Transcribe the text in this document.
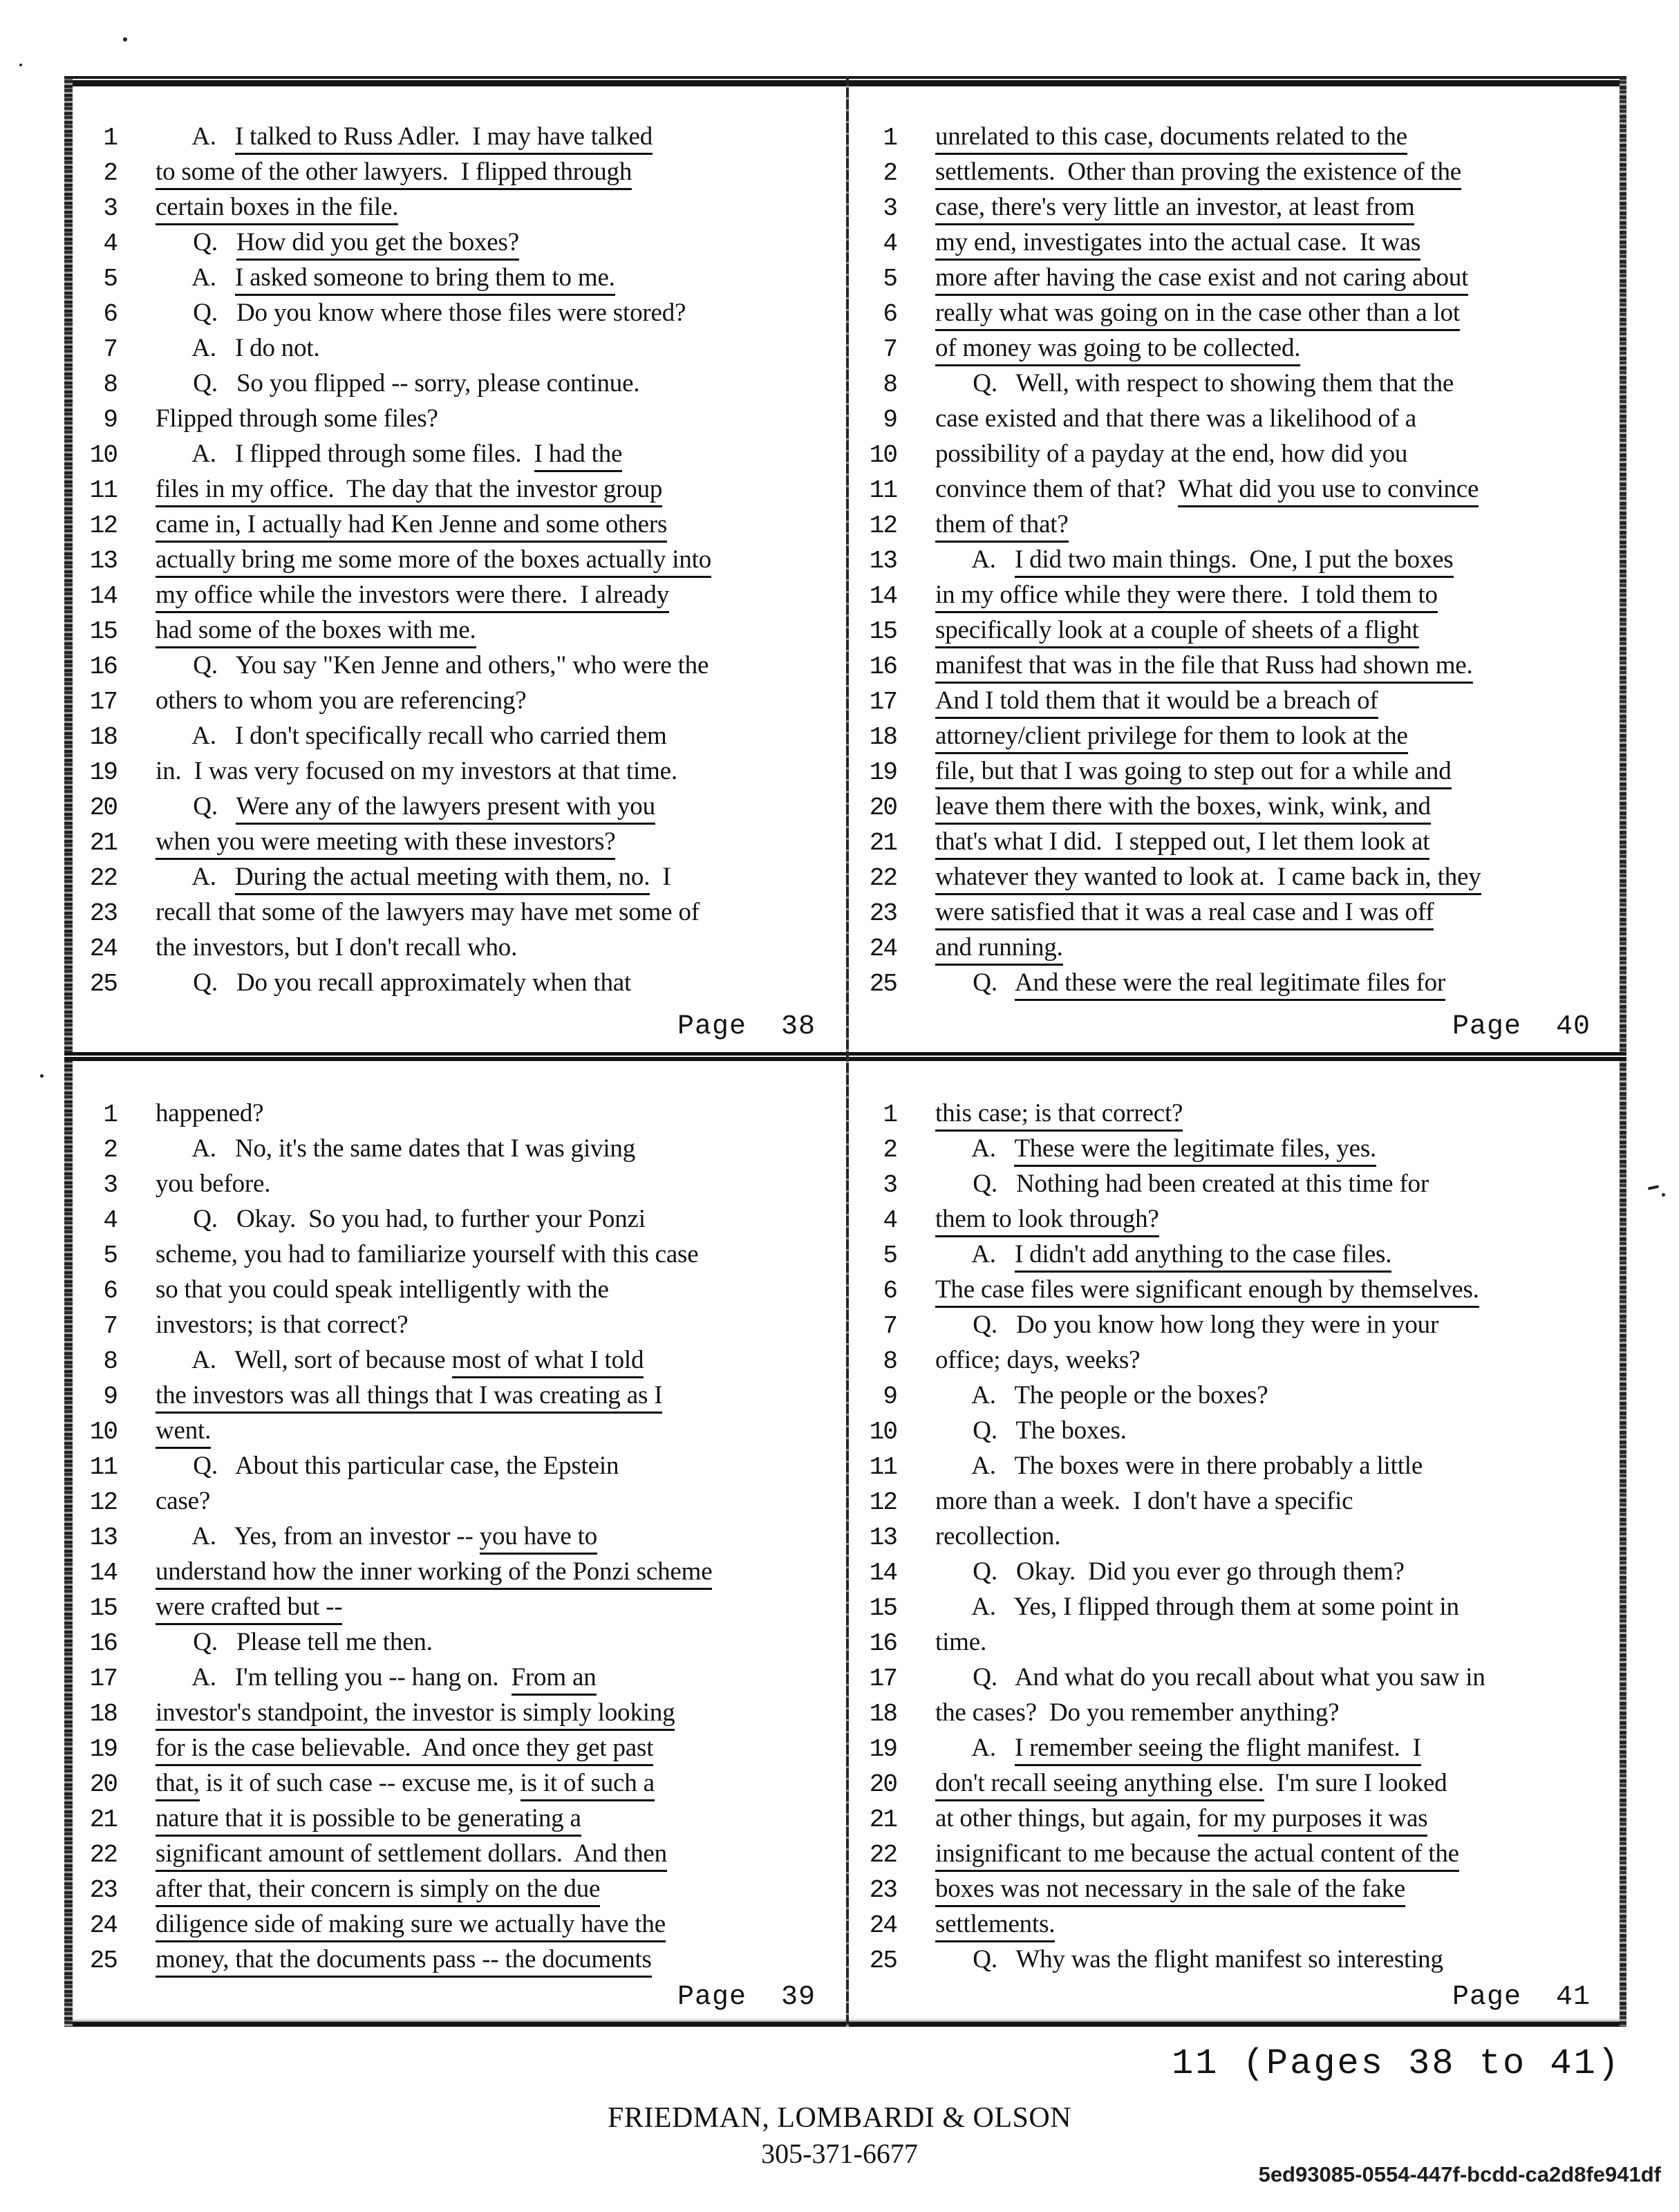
1 A.   I talked to Russ Adler.  I may have talked
2 to some of the other lawyers.  I flipped through
3 certain boxes in the file.
4 Q.   How did you get the boxes?
5 A.   I asked someone to bring them to me.
6 Q.   Do you know where those files were stored?
7 A.   I do not.
8 Q.   So you flipped -- sorry, please continue.
9 Flipped through some files?
10 A.   I flipped through some files.  I had the
11 files in my office.  The day that the investor group
12 came in, I actually had Ken Jenne and some others
13 actually bring me some more of the boxes actually into
14 my office while the investors were there.  I already
15 had some of the boxes with me.
16 Q.   You say "Ken Jenne and others," who were the
17 others to whom you are referencing?
18 A.   I don't specifically recall who carried them
19 in.  I was very focused on my investors at that time.
20 Q.   Were any of the lawyers present with you
21 when you were meeting with these investors?
22 A.   During the actual meeting with them, no.  I
23 recall that some of the lawyers may have met some of
24 the investors, but I don't recall who.
25 Q.   Do you recall approximately when that
Page  38
1 unrelated to this case, documents related to the
2 settlements.  Other than proving the existence of the
3 case, there's very little an investor, at least from
4 my end, investigates into the actual case.  It was
5 more after having the case exist and not caring about
6 really what was going on in the case other than a lot
7 of money was going to be collected.
8 Q.   Well, with respect to showing them that the
9 case existed and that there was a likelihood of a
10 possibility of a payday at the end, how did you
11 convince them of that?  What did you use to convince
12 them of that?
13 A.   I did two main things.  One, I put the boxes
14 in my office while they were there.  I told them to
15 specifically look at a couple of sheets of a flight
16 manifest that was in the file that Russ had shown me.
17 And I told them that it would be a breach of
18 attorney/client privilege for them to look at the
19 file, but that I was going to step out for a while and
20 leave them there with the boxes, wink, wink, and
21 that's what I did.  I stepped out, I let them look at
22 whatever they wanted to look at.  I came back in, they
23 were satisfied that it was a real case and I was off
24 and running.
25 Q.   And these were the real legitimate files for
Page  40
1 happened?
2 A.   No, it's the same dates that I was giving
3 you before.
4 Q.   Okay.  So you had, to further your Ponzi
5 scheme, you had to familiarize yourself with this case
6 so that you could speak intelligently with the
7 investors; is that correct?
8 A.   Well, sort of because most of what I told
9 the investors was all things that I was creating as I
10 went.
11 Q.   About this particular case, the Epstein
12 case?
13 A.   Yes, from an investor -- you have to
14 understand how the inner working of the Ponzi scheme
15 were crafted but --
16 Q.   Please tell me then.
17 A.   I'm telling you -- hang on.  From an
18 investor's standpoint, the investor is simply looking
19 for is the case believable.  And once they get past
20 that, is it of such case -- excuse me, is it of such a
21 nature that it is possible to be generating a
22 significant amount of settlement dollars.  And then
23 after that, their concern is simply on the due
24 diligence side of making sure we actually have the
25 money, that the documents pass -- the documents
Page  39
1 this case; is that correct?
2 A.   These were the legitimate files, yes.
3 Q.   Nothing had been created at this time for
4 them to look through?
5 A.   I didn't add anything to the case files.
6 The case files were significant enough by themselves.
7 Q.   Do you know how long they were in your
8 office; days, weeks?
9 A.   The people or the boxes?
10 Q.   The boxes.
11 A.   The boxes were in there probably a little
12 more than a week.  I don't have a specific
13 recollection.
14 Q.   Okay.  Did you ever go through them?
15 A.   Yes, I flipped through them at some point in
16 time.
17 Q.   And what do you recall about what you saw in
18 the cases?  Do you remember anything?
19 A.   I remember seeing the flight manifest.  I
20 don't recall seeing anything else.  I'm sure I looked
21 at other things, but again, for my purposes it was
22 insignificant to me because the actual content of the
23 boxes was not necessary in the sale of the fake
24 settlements.
25 Q.   Why was the flight manifest so interesting
Page  41
11 (Pages 38 to 41)
FRIEDMAN, LOMBARDI & OLSON
305-371-6677
5ed93085-0554-447f-bcdd-ca2d8fe941df
